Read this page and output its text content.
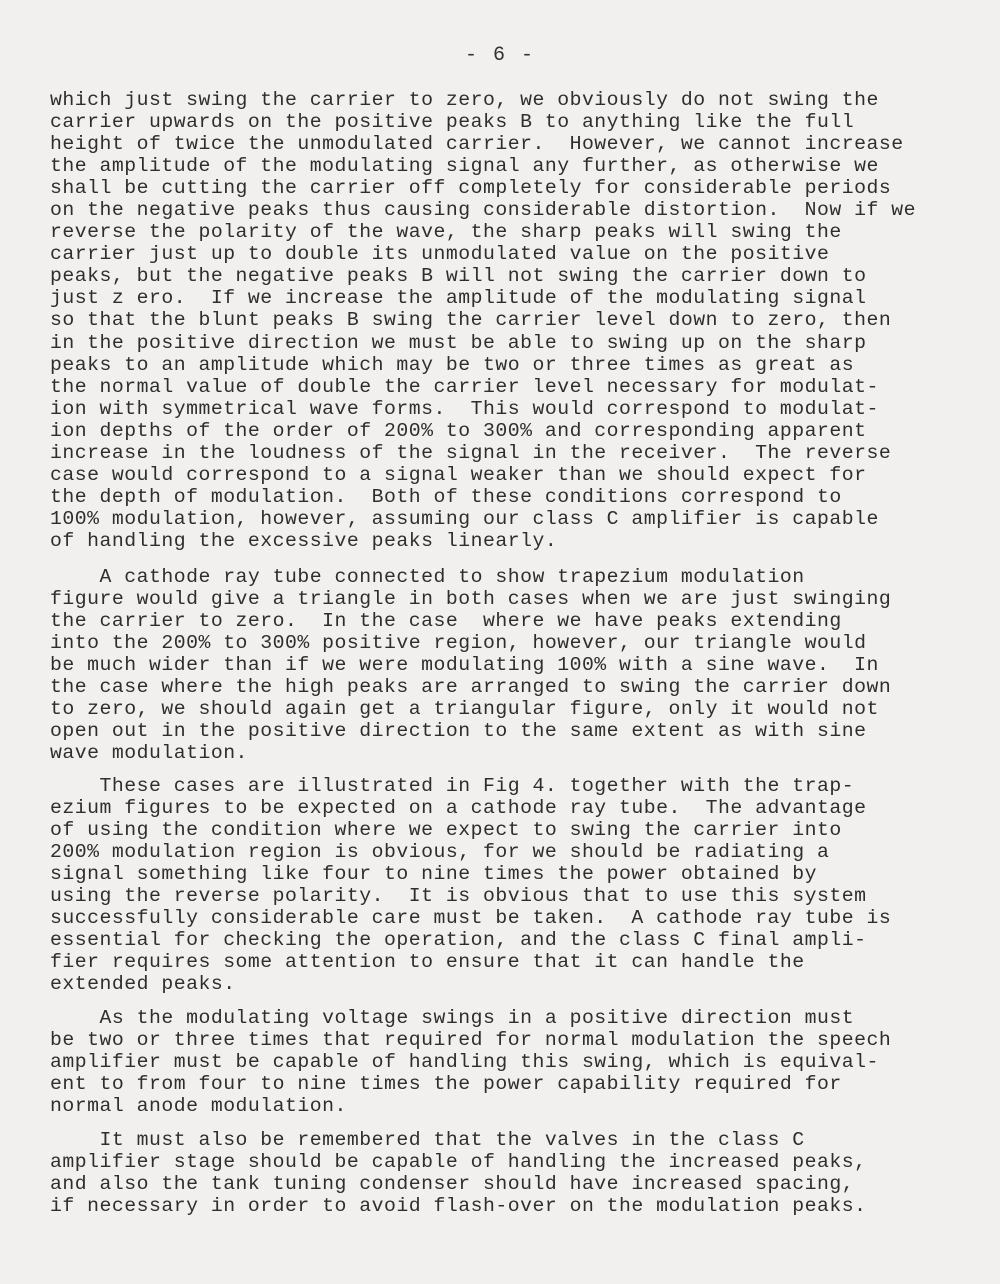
- 6 -

which just swing the carrier to zero, we obviously do not swing the
carrier upwards on the positive peaks B to anything like the full
height of twice the unmodulated carrier.  However, we cannot increase
the amplitude of the modulating signal any further, as otherwise we
shall be cutting the carrier off completely for considerable periods
on the negative peaks thus causing considerable distortion.  Now if we
reverse the polarity of the wave, the sharp peaks will swing the
carrier just up to double its unmodulated value on the positive
peaks, but the negative peaks B will not swing the carrier down to
just z ero.  If we increase the amplitude of the modulating signal
so that the blunt peaks B swing the carrier level down to zero, then
in the positive direction we must be able to swing up on the sharp
peaks to an amplitude which may be two or three times as great as
the normal value of double the carrier level necessary for modulat-
ion with symmetrical wave forms.  This would correspond to modulat-
ion depths of the order of 200% to 300% and corresponding apparent
increase in the loudness of the signal in the receiver.  The reverse
case would correspond to a signal weaker than we should expect for
the depth of modulation.  Both of these conditions correspond to
100% modulation, however, assuming our class C amplifier is capable
of handling the excessive peaks linearly.

A cathode ray tube connected to show trapezium modulation
figure would give a triangle in both cases when we are just swinging
the carrier to zero.  In the case  where we have peaks extending
into the 200% to 300% positive region, however, our triangle would
be much wider than if we were modulating 100% with a sine wave.  In
the case where the high peaks are arranged to swing the carrier down
to zero, we should again get a triangular figure, only it would not
open out in the positive direction to the same extent as with sine
wave modulation.

These cases are illustrated in Fig 4. together with the trap-
ezium figures to be expected on a cathode ray tube.  The advantage
of using the condition where we expect to swing the carrier into
200% modulation region is obvious, for we should be radiating a
signal something like four to nine times the power obtained by
using the reverse polarity.  It is obvious that to use this system
successfully considerable care must be taken.  A cathode ray tube is
essential for checking the operation, and the class C final ampli-
fier requires some attention to ensure that it can handle the
extended peaks.

As the modulating voltage swings in a positive direction must
be two or three times that required for normal modulation the speech
amplifier must be capable of handling this swing, which is equival-
ent to from four to nine times the power capability required for
normal anode modulation.

It must also be remembered that the valves in the class C
amplifier stage should be capable of handling the increased peaks,
and also the tank tuning condenser should have increased spacing,
if necessary in order to avoid flash-over on the modulation peaks.
